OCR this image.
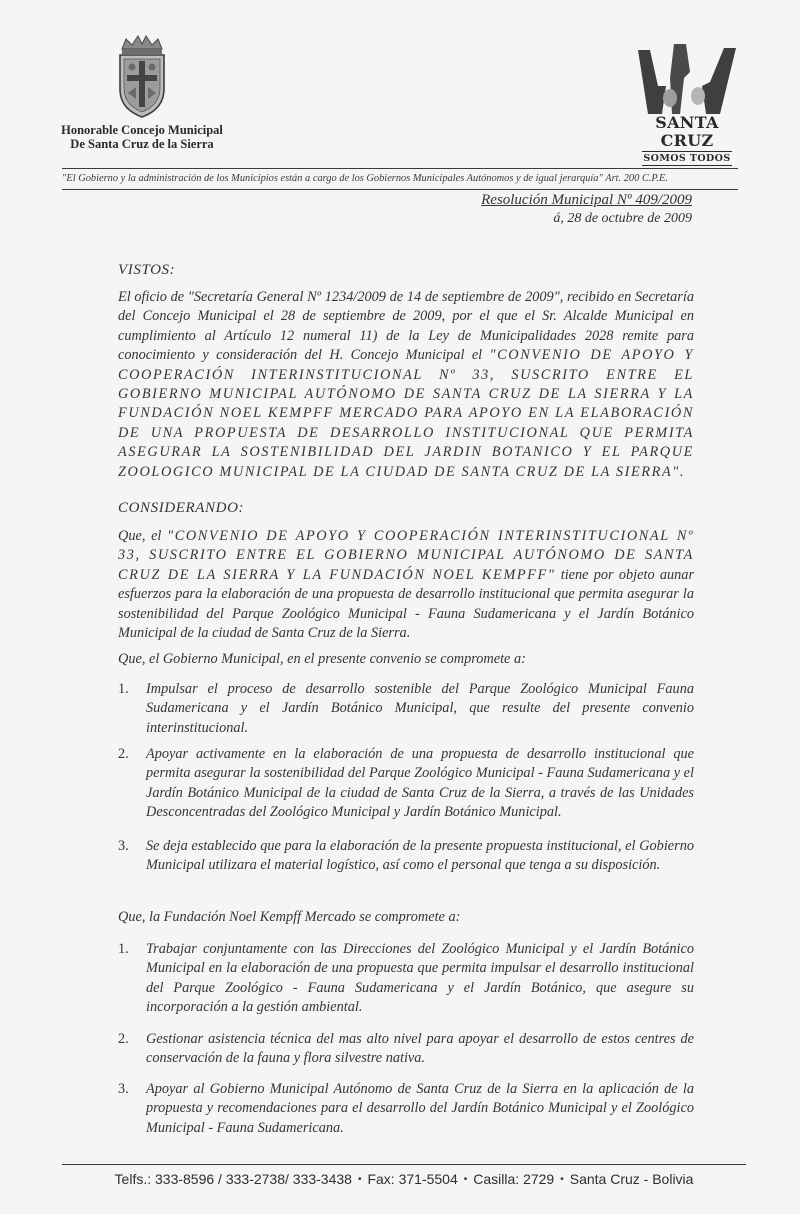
Honorable Concejo Municipal
De Santa Cruz de la Sierra
SANTA CRUZ
SOMOS TODOS
"El Gobierno y la administración de los Municipios están a cargo de los Gobiernos Municipales Autónomos y de igual jerarquía" Art. 200 C.P.E.
Resolución Municipal Nº 409/2009
á, 28 de octubre de 2009
VISTOS:

El oficio de "Secretaría General Nº 1234/2009 de 14 de septiembre de 2009", recibido en Secretaría del Concejo Municipal el 28 de septiembre de 2009, por el que el Sr. Alcalde Municipal en cumplimiento al Artículo 12 numeral 11) de la Ley de Municipalidades 2028 remite para conocimiento y consideración del H. Concejo Municipal el "CONVENIO DE APOYO Y COOPERACIÓN INTERINSTITUCIONAL Nº 33, SUSCRITO ENTRE EL GOBIERNO MUNICIPAL AUTÓNOMO DE SANTA CRUZ DE LA SIERRA Y LA FUNDACIÓN NOEL KEMPFF MERCADO PARA APOYO EN LA ELABORACIÓN DE UNA PROPUESTA DE DESARROLLO INSTITUCIONAL QUE PERMITA ASEGURAR LA SOSTENIBILIDAD DEL JARDIN BOTANICO Y EL PARQUE ZOOLOGICO MUNICIPAL DE LA CIUDAD DE SANTA CRUZ DE LA SIERRA".

CONSIDERANDO:

Que, el "CONVENIO DE APOYO Y COOPERACIÓN INTERINSTITUCIONAL Nº 33, SUSCRITO ENTRE EL GOBIERNO MUNICIPAL AUTÓNOMO DE SANTA CRUZ DE LA SIERRA Y LA FUNDACIÓN NOEL KEMPFF" tiene por objeto aunar esfuerzos para la elaboración de una propuesta de desarrollo institucional que permita asegurar la sostenibilidad del Parque Zoológico Municipal - Fauna Sudamericana y el Jardín Botánico Municipal de la ciudad de Santa Cruz de la Sierra.

Que, el Gobierno Municipal, en el presente convenio se compromete a:

1. Impulsar el proceso de desarrollo sostenible del Parque Zoológico Municipal Fauna Sudamericana y el Jardín Botánico Municipal, que resulte del presente convenio interinstitucional.

2. Apoyar activamente en la elaboración de una propuesta de desarrollo institucional que permita asegurar la sostenibilidad del Parque Zoológico Municipal - Fauna Sudamericana y el Jardín Botánico Municipal de la ciudad de Santa Cruz de la Sierra, a través de las Unidades Desconcentradas del Zoológico Municipal y Jardín Botánico Municipal.

3. Se deja establecido que para la elaboración de la presente propuesta institucional, el Gobierno Municipal utilizara el material logístico, así como el personal que tenga a su disposición.

Que, la Fundación Noel Kempff Mercado se compromete a:

1. Trabajar conjuntamente con las Direcciones del Zoológico Municipal y el Jardín Botánico Municipal en la elaboración de una propuesta que permita impulsar el desarrollo institucional del Parque Zoológico - Fauna Sudamericana y el Jardín Botánico, que asegure su incorporación a la gestión ambiental.

2. Gestionar asistencia técnica del mas alto nivel para apoyar el desarrollo de estos centres de conservación de la fauna y flora silvestre nativa.

3. Apoyar al Gobierno Municipal Autónomo de Santa Cruz de la Sierra en la aplicación de la propuesta y recomendaciones para el desarrollo del Jardín Botánico Municipal y el Zoológico Municipal - Fauna Sudamericana.

Telfs.: 333-8596 / 333-2738/ 333-3438 • Fax: 371-5504 • Casilla: 2729 • Santa Cruz - Bolivia
